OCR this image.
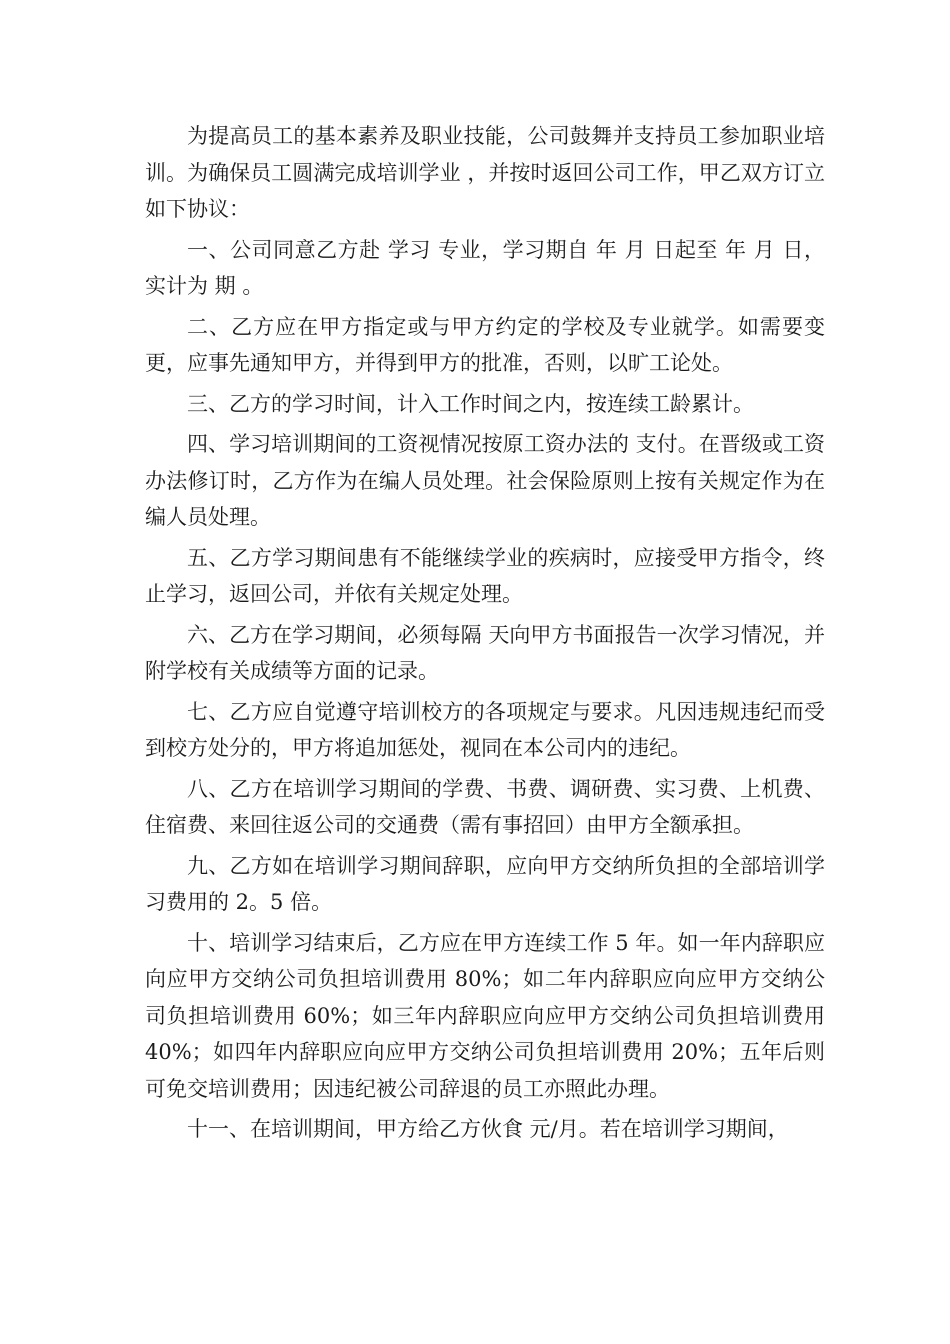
为提高员工的基本素养及职业技能，公司鼓舞并支持员工参加职业培训。为确保员工圆满完成培训学业 ，并按时返回公司工作，甲乙双方订立如下协议：

一、公司同意乙方赴 学习 专业，学习期自 年 月 日起至 年 月 日，实计为 期 。

二、乙方应在甲方指定或与甲方约定的学校及专业就学。如需要变更，应事先通知甲方，并得到甲方的批准，否则，以旷工论处。

三、乙方的学习时间，计入工作时间之内，按连续工龄累计。

四、学习培训期间的工资视情况按原工资办法的 支付。在晋级或工资办法修订时，乙方作为在编人员处理。社会保险原则上按有关规定作为在编人员处理。

五、乙方学习期间患有不能继续学业的疾病时，应接受甲方指令，终止学习，返回公司，并依有关规定处理。

六、乙方在学习期间，必须每隔 天向甲方书面报告一次学习情况，并附学校有关成绩等方面的记录。

七、乙方应自觉遵守培训校方的各项规定与要求。凡因违规违纪而受到校方处分的，甲方将追加惩处，视同在本公司内的违纪。

八、乙方在培训学习期间的学费、书费、调研费、实习费、上机费、住宿费、来回往返公司的交通费（需有事招回）由甲方全额承担。

九、乙方如在培训学习期间辞职，应向甲方交纳所负担的全部培训学习费用的 2。5 倍。

十、培训学习结束后，乙方应在甲方连续工作 5 年。如一年内辞职应向应甲方交纳公司负担培训费用 80%；如二年内辞职应向应甲方交纳公司负担培训费用 60%；如三年内辞职应向应甲方交纳公司负担培训费用 40%；如四年内辞职应向应甲方交纳公司负担培训费用 20%；五年后则可免交培训费用；因违纪被公司辞退的员工亦照此办理。

十一、在培训期间，甲方给乙方伙食 元/月。若在培训学习期间，
